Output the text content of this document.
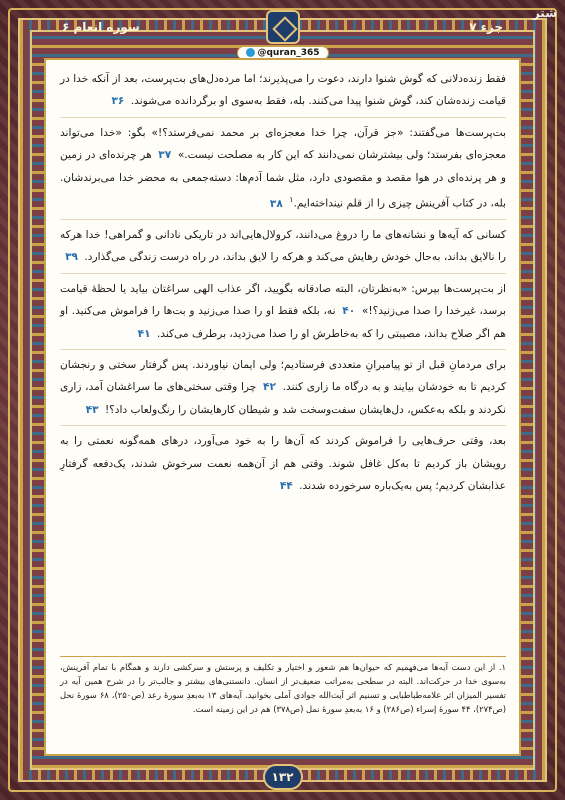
جزء ۷
سوره انعام ۶
@quran_365
شتر
فقط زنده‌دلانی که گوش شنوا دارند، دعوت را می‌پذیرند؛ اما مرده‌دل‌های بت‌پرست، بعد از آنکه خدا در قیامت زنده‌شان کند، گوش شنوا پیدا می‌کنند. بله، فقط به‌سوی او برگردانده می‌شوند. ۳۶
بت‌پرست‌ها می‌گفتند: «جز قرآن، چرا خدا معجزه‌ای بر محمد نمی‌فرستد؟!» بگو: «خدا می‌تواند معجزه‌ای بفرستد؛ ولی بیشترشان نمی‌دانند که این کار به مصلحت نیست.» ۳۷ هر چرنده‌ای در زمین و هر پرنده‌ای در هوا مقصد و مقصودی دارد، مثل شما آدم‌ها: دسته‌جمعی به محضر خدا می‌برندشان. بله، در کتاب آفرینش چیزی را از قلم نینداخته‌ایم.$^۱$ ۳۸
کسانی که آیه‌ها و نشانه‌های ما را دروغ می‌دانند، کرولال‌هایی‌اند در تاریکی نادانی و گمراهی! خدا هرکه را نالایق بداند، به‌حال خودش رهایش می‌کند و هرکه را لایق بداند، در راه درست زندگی می‌گذارد. ۳۹
از بت‌پرست‌ها بپرس: «به‌نظرتان، البته صادقانه بگویید، اگر عذاب الهی سراغتان بیاید یا لحظهٔ قیامت برسد، غیرخدا را صدا می‌زنید؟!» ۴۰ نه، بلکه فقط او را صدا می‌زنید و بت‌ها را فراموش می‌کنید. او هم اگر صلاح بداند، مصیبتی را که به‌خاطرش او را صدا می‌زدید، برطرف می‌کند. ۴۱
برای مردمانِ قبل از تو پیامبرانِ متعددی فرستادیم؛ ولی ایمان نیاوردند. پس گرفتار سختی و رنجشان کردیم تا به خودشان بیایند و به درگاه ما زاری کنند. ۴۲ چرا وقتی سختی‌های ما سراغشان آمد، زاری نکردند و بلکه به‌عکس، دل‌هایشان سفت‌وسخت شد و شیطان کارهایشان را رنگ‌ولعاب داد؟! ۴۳
بعد، وقتی حرف‌هایی را فراموش کردند که آن‌ها را به خود می‌آورد، درهای همه‌گونه نعمتی را به رویشان باز کردیم تا به‌کل غافل شوند. وقتی هم از آن‌همه نعمت سرخوش شدند، یک‌دفعه گرفتارِ عذابشان کردیم؛ پس به‌یک‌باره سرخورده شدند. ۴۴
۱. از این دست آیه‌ها می‌فهمیم که حیوان‌ها هم شعور و اختیار و تکلیف و پرستش و سرکشی دارند و همگام با تمام آفرینش، به‌سوی خدا در حرکت‌اند. البته در سطحی به‌مراتب ضعیف‌تر از انسان. دانستنی‌های بیشتر و جالب‌تر را در شرح همین آیه در تفسیر المیزان اثر علامه‌طباطبایی و تسنیم اثر آیت‌الله جوادی آملی بخوانید. آیه‌های ۱۳ به‌بعدِ سورهٔ رعد (ص۲۵۰)، ۶۸ سورهٔ نحل (ص۲۷۴)، ۴۴ سورهٔ إسراء (ص۲۸۶) و ۱۶ به‌بعدِ سورهٔ نمل (ص۳۷۸) هم در این زمینه است.
۱۳۲
